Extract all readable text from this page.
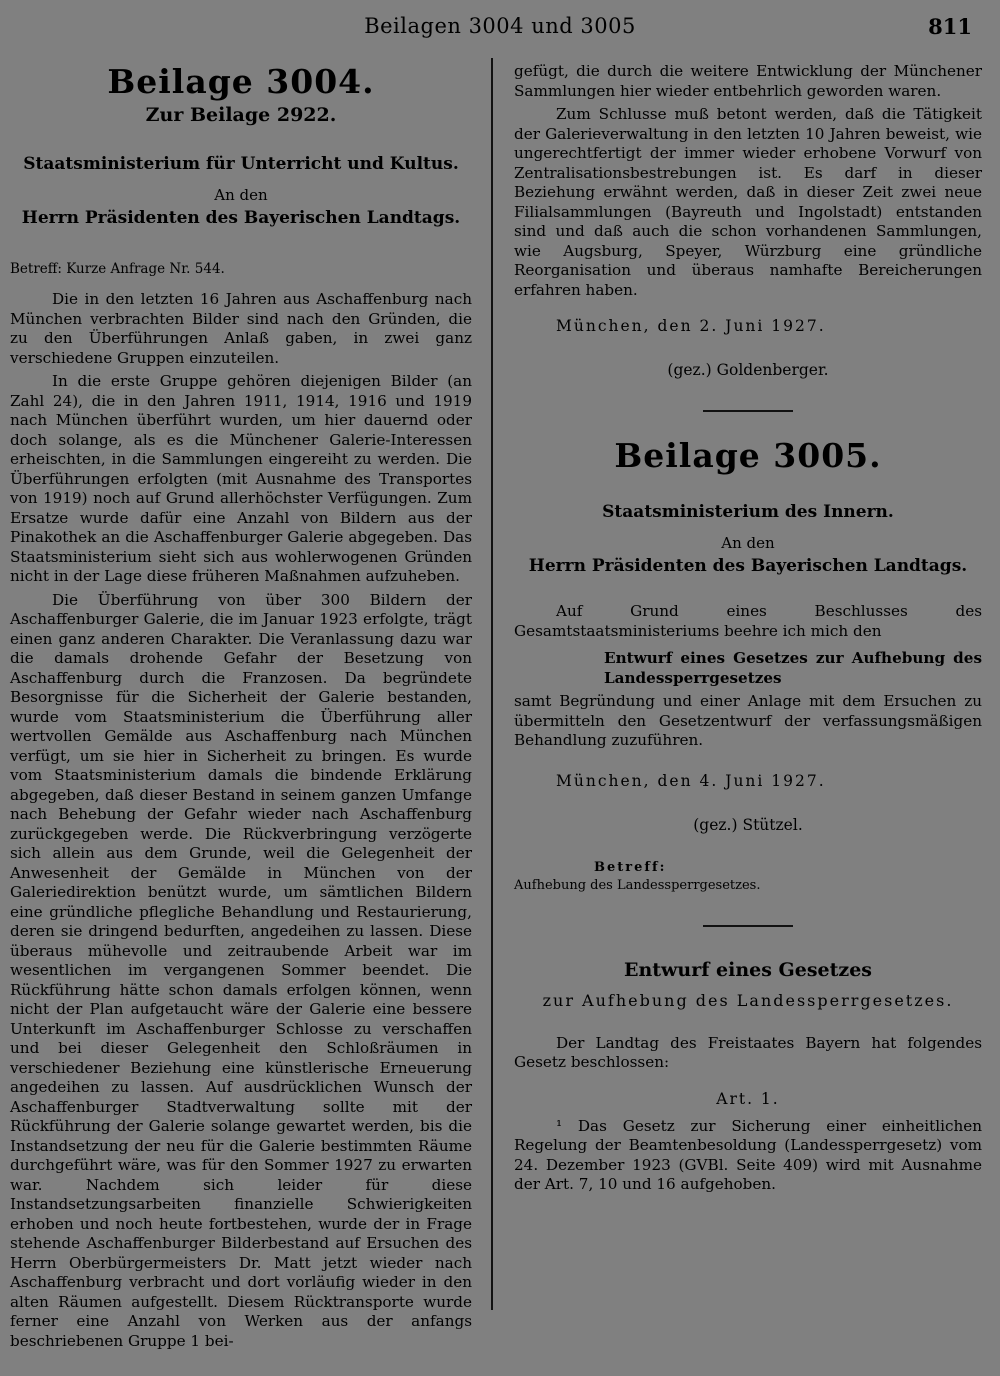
Beilagen 3004 und 3005	811
Beilage 3004.
Zur Beilage 2922.
Staatsministerium für Unterricht und Kultus.
An den
Herrn Präsidenten des Bayerischen Landtags.
Betreff: Kurze Anfrage Nr. 544.

Die in den letzten 16 Jahren aus Aschaffenburg nach München verbrachten Bilder sind nach den Gründen, die zu den Überführungen Anlaß gaben, in zwei ganz verschiedene Gruppen einzuteilen.

In die erste Gruppe gehören diejenigen Bilder (an Zahl 24), die in den Jahren 1911, 1914, 1916 und 1919 nach München überführt wurden, um hier dauernd oder doch solange, als es die Münchener Galerie-Interessen erheischten, in die Sammlungen eingereiht zu werden. Die Überführungen erfolgten (mit Ausnahme des Transportes von 1919) noch auf Grund allerhöchster Verfügungen. Zum Ersatze wurde dafür eine Anzahl von Bildern aus der Pinakothek an die Aschaffenburger Galerie abgegeben. Das Staatsministerium sieht sich aus wohlerwogenen Gründen nicht in der Lage diese früheren Maßnahmen aufzuheben.

Die Überführung von über 300 Bildern der Aschaffenburger Galerie, die im Januar 1923 erfolgte, trägt einen ganz anderen Charakter. Die Veranlassung dazu war die damals drohende Gefahr der Besetzung von Aschaffenburg durch die Franzosen. Da begründete Besorgnisse für die Sicherheit der Galerie bestanden, wurde vom Staatsministerium die Überführung aller wertvollen Gemälde aus Aschaffenburg nach München verfügt, um sie hier in Sicherheit zu bringen. Es wurde vom Staatsministerium damals die bindende Erklärung abgegeben, daß dieser Bestand in seinem ganzen Umfange nach Behebung der Gefahr wieder nach Aschaffenburg zurückgegeben werde. Die Rückverbringung verzögerte sich allein aus dem Grunde, weil die Gelegenheit der Anwesenheit der Gemälde in München von der Galeriedirektion benützt wurde, um sämtlichen Bildern eine gründliche pflegliche Behandlung und Restaurierung, deren sie dringend bedurften, angedeihen zu lassen. Diese überaus mühevolle und zeitraubende Arbeit war im wesentlichen im vergangenen Sommer beendet. Die Rückführung hätte schon damals erfolgen können, wenn nicht der Plan aufgetaucht wäre der Galerie eine bessere Unterkunft im Aschaffenburger Schlosse zu verschaffen und bei dieser Gelegenheit den Schloßräumen in verschiedener Beziehung eine künstlerische Erneuerung angedeihen zu lassen. Auf ausdrücklichen Wunsch der Aschaffenburger Stadtverwaltung sollte mit der Rückführung der Galerie solange gewartet werden, bis die Instandsetzung der neu für die Galerie bestimmten Räume durchgeführt wäre, was für den Sommer 1927 zu erwarten war. Nachdem sich leider für diese Instandsetzungsarbeiten finanzielle Schwierigkeiten erhoben und noch heute fortbestehen, wurde der in Frage stehende Aschaffenburger Bilderbestand auf Ersuchen des Herrn Oberbürgermeisters Dr. Matt jetzt wieder nach Aschaffenburg verbracht und dort vorläufig wieder in den alten Räumen aufgestellt. Diesem Rücktransporte wurde ferner eine Anzahl von Werken aus der anfangs beschriebenen Gruppe 1 bei-

gefügt, die durch die weitere Entwicklung der Münchener Sammlungen hier wieder entbehrlich geworden waren.

Zum Schlusse muß betont werden, daß die Tätigkeit der Galerieverwaltung in den letzten 10 Jahren beweist, wie ungerechtfertigt der immer wieder erhobene Vorwurf von Zentralisationsbestrebungen ist. Es darf in dieser Beziehung erwähnt werden, daß in dieser Zeit zwei neue Filialsammlungen (Bayreuth und Ingolstadt) entstanden sind und daß auch die schon vorhandenen Sammlungen, wie Augsburg, Speyer, Würzburg eine gründliche Reorganisation und überaus namhafte Bereicherungen erfahren haben.

München, den 2. Juni 1927.

(gez.) Goldenberger.
Beilage 3005.
Staatsministerium des Innern.
An den
Herrn Präsidenten des Bayerischen Landtags.

Auf Grund eines Beschlusses des Gesamtstaatsministeriums beehre ich mich den

Entwurf eines Gesetzes zur Aufhebung des Landessperrgesetzes

samt Begründung und einer Anlage mit dem Ersuchen zu übermitteln den Gesetzentwurf der verfassungsmäßigen Behandlung zuzuführen.

München, den 4. Juni 1927.

(gez.) Stützel.
Betreff:
Aufhebung des Landessperrgesetzes.
Entwurf eines Gesetzes
zur Aufhebung des Landessperrgesetzes.

Der Landtag des Freistaates Bayern hat folgendes Gesetz beschlossen:

Art. 1.

¹ Das Gesetz zur Sicherung einer einheitlichen Regelung der Beamtenbesoldung (Landessperrgesetz) vom 24. Dezember 1923 (GVBl. Seite 409) wird mit Ausnahme der Art. 7, 10 und 16 aufgehoben.
